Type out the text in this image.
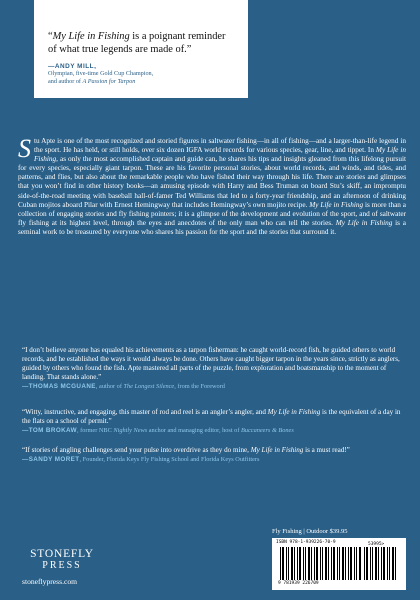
“My Life in Fishing is a poignant reminder of what true legends are made of.”

—ANDY MILL,
Olympian, five-time Gold Cup Champion,
and author of A Passion for Tarpon

Stu Apte is one of the most recognized and storied figures in saltwater fishing—in all of fishing—and a larger-than-life legend in the sport. He has held, or still holds, over six dozen IGFA world records for various species, gear, line, and tippet. In My Life in Fishing, as only the most accomplished captain and guide can, he shares his tips and insights gleaned from this lifelong pursuit for every species, especially giant tarpon. These are his favorite personal stories, about world records, and winds, and tides, and patterns, and flies, but also about the remarkable people who have fished their way through his life. There are stories and glimpses that you won’t find in other history books—an amusing episode with Harry and Bess Truman on board Stu’s skiff, an impromptu side-of-the-road meeting with baseball hall-of-famer Ted Williams that led to a forty-year friendship, and an afternoon of drinking Cuban mojitos aboard Pilar with Ernest Hemingway that includes Hemingway’s own mojito recipe. My Life in Fishing is more than a collection of engaging stories and fly fishing pointers; it is a glimpse of the development and evolution of the sport, and of saltwater fly fishing at its highest level, through the eyes and anecdotes of the only man who can tell the stories. My Life in Fishing is a seminal work to be treasured by everyone who shares his passion for the sport and the stories that surround it.

“I don’t believe anyone has equaled his achievements as a tarpon fisherman: he caught world-record fish, he guided others to world records, and he established the ways it would always be done. Others have caught bigger tarpon in the years since, strictly as anglers, guided by others who found the fish. Apte mastered all parts of the puzzle, from exploration and boatsmanship to the moment of landing. That stands alone.”

—THOMAS MCGUANE, author of The Longest Silence, from the Foreword

“Witty, instructive, and engaging, this master of rod and reel is an angler’s angler, and My Life in Fishing is the equivalent of a day in the flats on a school of permit.”

—TOM BROKAW, former NBC Nightly News anchor and managing editor, host of Buccaneers & Bones

“If stories of angling challenges send your pulse into overdrive as they do mine, My Life in Fishing is a must read!”

—SANDY MORET, Founder, Florida Keys Fly Fishing School and Florida Keys Outfitters
STONEFLY
PRESS
stoneflypress.com
Fly Fishing | Outdoor $39.95
ISBN 978-1-939226-70-9
9 781939 226709
53995>
